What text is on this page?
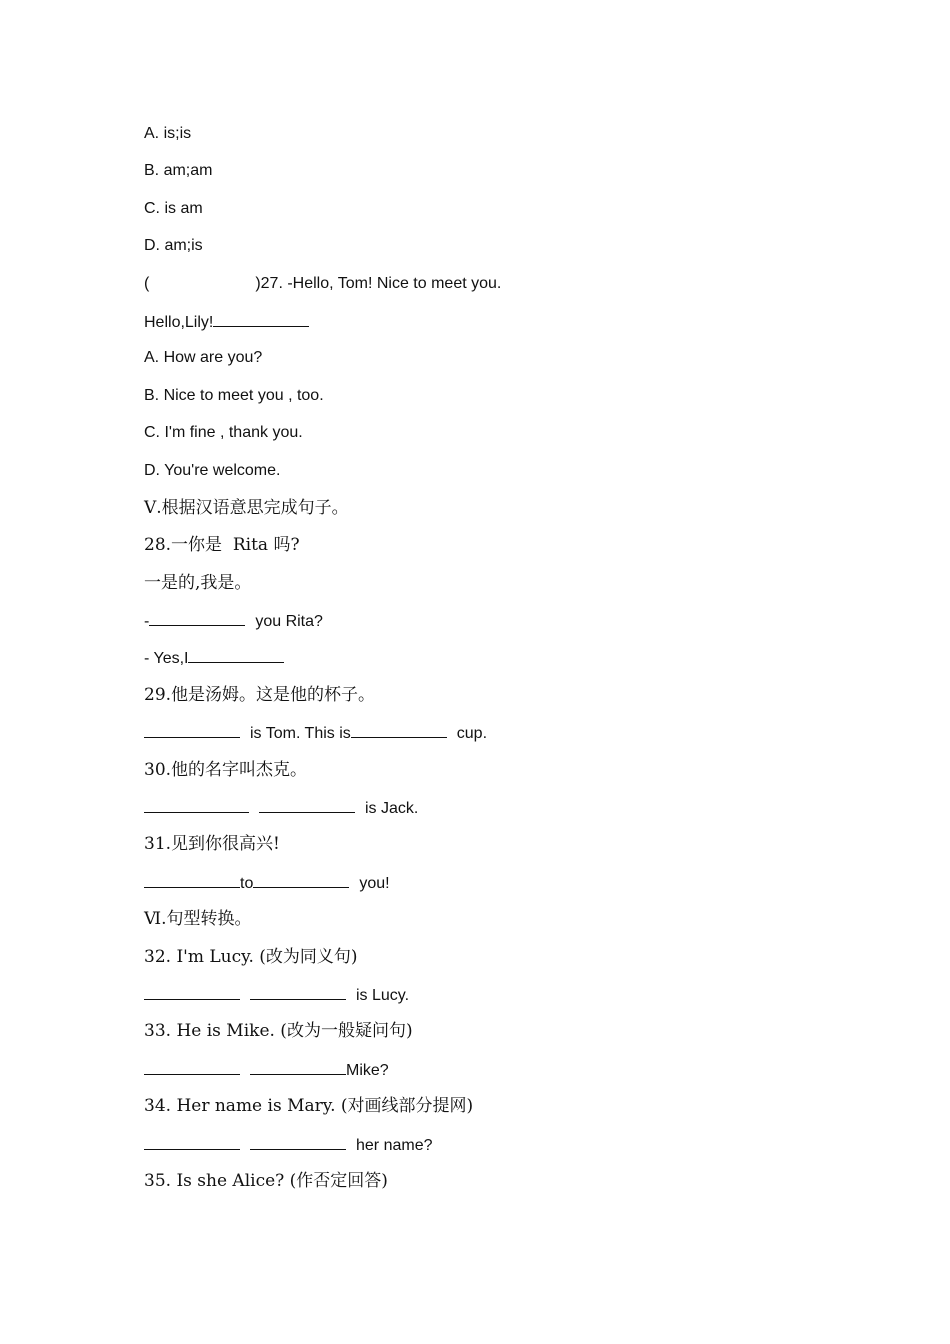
A. is;is
B. am;am
C. is am
D. am;is
(	)27. -Hello, Tom! Nice to meet you.
Hello,Lily!
A. How are you?
B. Nice to meet you , too.
C. I'm fine , thank you.
D. You're welcome.
Ⅴ.根据汉语意思完成句子。
28.一你是  Rita 吗?
一是的,我是。
-	you Rita?
- Yes,I
29.他是汤姆。这是他的杯子。
is Tom. This is	cup.
30.他的名字叫杰克。
is Jack.
31.见到你很高兴!
to	you!
Ⅵ.句型转换。
32. I'm Lucy. (改为同义句)
is Lucy.
33. He is Mike. (改为一般疑问句)
Mike?
34. Her name is Mary. (对画线部分提网)
her name?
35. Is she Alice? (作否定回答)
